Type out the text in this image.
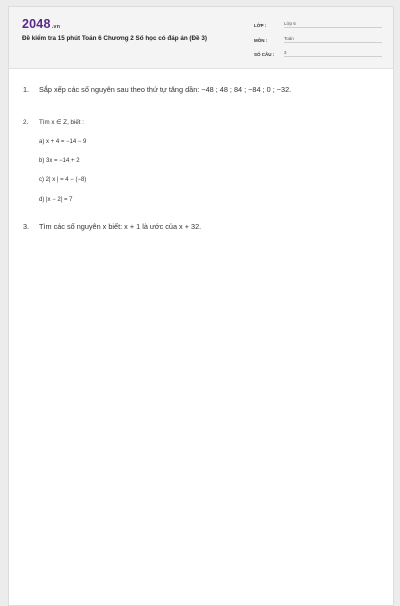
2048.vn
Đề kiểm tra 15 phút Toán 6 Chương 2 Số học có đáp án (Đề 3)
LỚP :	Lớp 6
MÔN :	Toán
SỐ CÂU :	3
1.	Sắp xếp các số nguyên sau theo thứ tự tăng dần: −48 ; 48 ; 84 ; −84 ; 0 ; −32.
2.	Tìm x ∈ Z, biết :
a) x + 4 = −14 − 9
b) 3x = −14 + 2
c) 2| x | = 4 − (−8)
d) |x − 2| = 7
3.	Tìm các số nguyên x biết: x + 1 là ước của x + 32.
